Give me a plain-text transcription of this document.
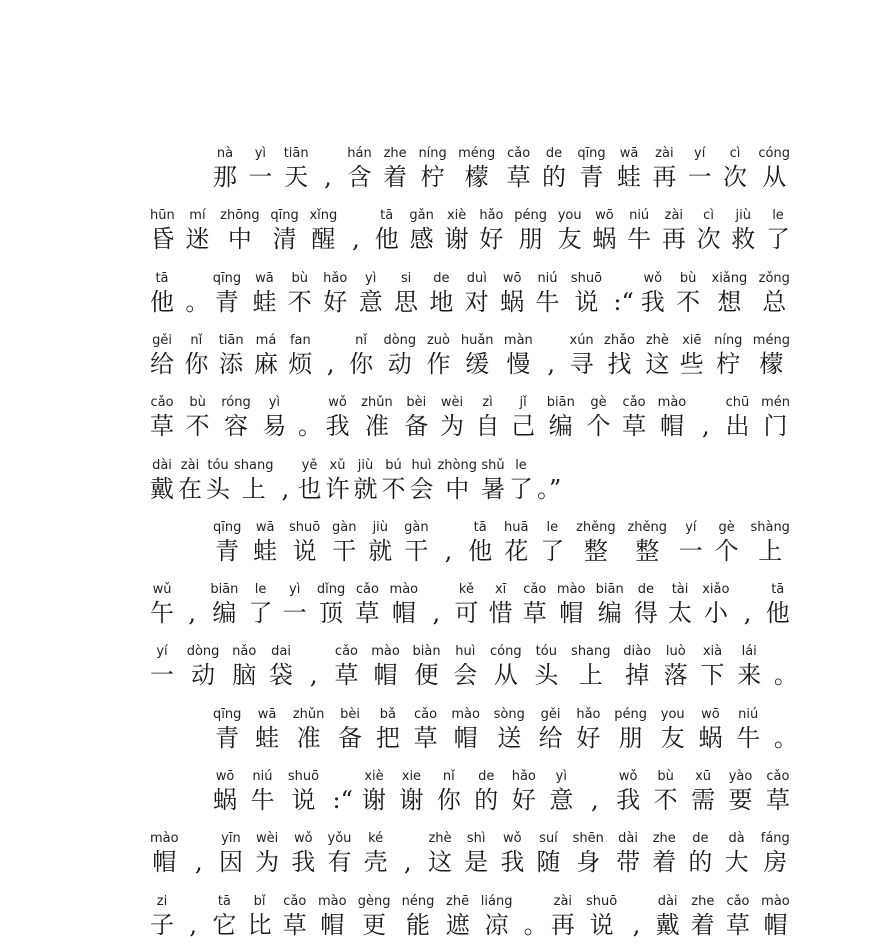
nà
那
yì
一
tiān
天 ,
hán
含
zhe
着
níng
柠
méng
檬
cǎo
草
de
的
qīng
青
wā
蛙
zài
再
yí
一
cì
次
cóng
从
hūn
昏
mí
迷
zhōng
中
qīng
清
xǐng
醒 ,
tā
他
gǎn
感
xiè
谢
hǎo
好
péng
朋
you
友
wō
蜗
niú
牛
zài
再
cì
次
jiù
救
le
了
tā
他 。
qīng
青
wā
蛙
bù
不
hǎo
好
yì
意
si
思
de
地
duì
对
wō
蜗
niú
牛
shuō
说 :“
wǒ
我
bù
不
xiǎng
想
zǒng
总
gěi
给
nǐ
你
tiān
添
má
麻
fan
烦 ,
nǐ
你
dòng
动
zuò
作
huǎn
缓
màn
慢 ,
xún
寻
zhǎo
找
zhè
这
xiē
些
níng
柠
méng
檬
cǎo
草
bù
不
róng
容
yì
易 。
wǒ
我
zhǔn
准
bèi
备
wèi
为
zì
自
jǐ
己
biān
编
gè
个
cǎo
草
mào
帽 ,
chū
出
mén
门
dài
戴
zài
在
tóu
头
shang
上 ,
yě
也
xǔ
许
jiù
就
bú
不
huì
会
zhòng
中
shǔ
暑
le
了 。”
qīng
青
wā
蛙
shuō
说
gàn
干
jiù
就
gàn
干 ,
tā
他
huā
花
le
了
zhěng
整
zhěng
整
yí
一
gè
个
shàng
上
wǔ
午 ,
biān
编
le
了
yì
一
dǐng
顶
cǎo
草
mào
帽 ,
kě
可
xī
惜
cǎo
草
mào
帽
biān
编
de
得
tài
太
xiǎo
小 ,
tā
他
yí
一
dòng
动
nǎo
脑
dai
袋 ,
cǎo
草
mào
帽
biàn
便
huì
会
cóng
从
tóu
头
shang
上
diào
掉
luò
落
xià
下
lái
来 。
qīng
青
wā
蛙
zhǔn
准
bèi
备
bǎ
把
cǎo
草
mào
帽
sòng
送
gěi
给
hǎo
好
péng
朋
you
友
wō
蜗
niú
牛 。
wō
蜗
niú
牛
shuō
说 :“
xiè
谢
xie
谢
nǐ
你
de
的
hǎo
好
yì
意 ,
wǒ
我
bù
不
xū
需
yào
要
cǎo
草
mào
帽 ,
yīn
因
wèi
为
wǒ
我
yǒu
有
ké
壳 ,
zhè
这
shì
是
wǒ
我
suí
随
shēn
身
dài
带
zhe
着
de
的
dà
大
fáng
房
zi
子 ,
tā
它
bǐ
比
cǎo
草
mào
帽
gèng
更
néng
能
zhē
遮
liáng
凉 。
zài
再
shuō
说 ,
dài
戴
zhe
着
cǎo
草
mào
帽
